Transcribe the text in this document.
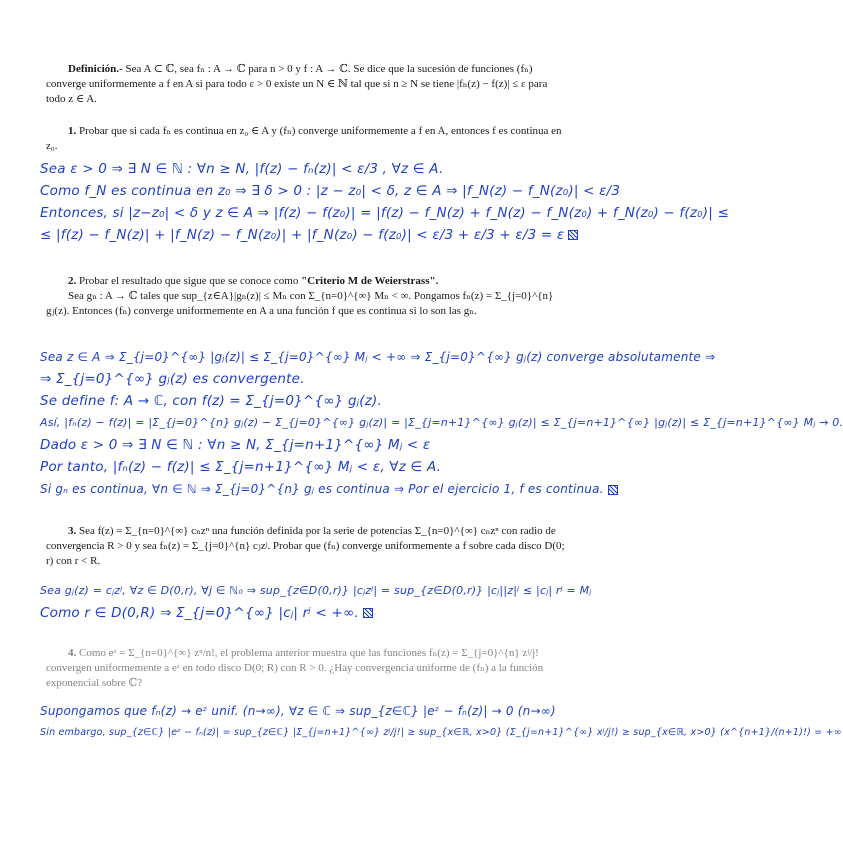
Definición.- Sea A ⊂ ℂ, sea fₙ : A → ℂ para n > 0 y f : A → ℂ. Se dice que la sucesión de funciones (fₙ) converge uniformemente a f en A si para todo ε > 0 existe un N ∈ ℕ tal que si n ≥ N se tiene |fₙ(z) − f(z)| ≤ ε para todo z ∈ A.
1. Probar que si cada fₙ es continua en z₀ ∈ A y (fₙ) converge uniformemente a f en A, entonces f es continua en z₀.
Sea ε > 0 ⇒ ∃ N ∈ ℕ : ∀n ≥ N, |f(z) − fₙ(z)| < ε/3 , ∀z ∈ A.
Como f_N es continua en z₀ ⇒ ∃ δ > 0 : |z − z₀| < δ, z ∈ A ⇒ |f_N(z) − f_N(z₀)| < ε/3
Entonces, si |z−z₀| < δ y z ∈ A ⇒ |f(z) − f(z₀)| = |f(z) − f_N(z) + f_N(z) − f_N(z₀) + f_N(z₀) − f(z₀)| ≤
≤ |f(z) − f_N(z)| + |f_N(z) − f_N(z₀)| + |f_N(z₀) − f(z₀)| < ε/3 + ε/3 + ε/3 = ε
2. Probar el resultado que sigue que se conoce como "Criterio M de Weierstrass".
Sea gₙ : A → ℂ tales que sup_{z∈A}|gₙ(z)| ≤ Mₙ con Σ_{n=0}^{∞} Mₙ < ∞. Pongamos fₙ(z) = Σ_{j=0}^{n} gⱼ(z). Entonces (fₙ) converge uniformemente en A a una función f que es continua si lo son las gₙ.
Sea z ∈ A ⇒ Σ_{j=0}^{∞} |gⱼ(z)| ≤ Σ_{j=0}^{∞} Mⱼ < +∞ ⇒ Σ_{j=0}^{∞} gⱼ(z) converge absolutamente ⇒
⇒ Σ_{j=0}^{∞} gⱼ(z) es convergente.
Se define f: A → ℂ, con f(z) = Σ_{j=0}^{∞} gⱼ(z).
Así, |fₙ(z) − f(z)| = |Σ_{j=0}^{n} gⱼ(z) − Σ_{j=0}^{∞} gⱼ(z)| = |Σ_{j=n+1}^{∞} gⱼ(z)| ≤ Σ_{j=n+1}^{∞} |gⱼ(z)| ≤ Σ_{j=n+1}^{∞} Mⱼ → 0.
Dado ε > 0 ⇒ ∃ N ∈ ℕ : ∀n ≥ N, Σ_{j=n+1}^{∞} Mⱼ < ε
Por tanto, |fₙ(z) − f(z)| ≤ Σ_{j=n+1}^{∞} Mⱼ < ε, ∀z ∈ A.
Si gₙ es continua, ∀n ∈ ℕ ⇒ Σ_{j=0}^{n} gⱼ es continua ⇒ Por el ejercicio 1, f es continua.
3. Sea f(z) = Σ_{n=0}^{∞} cₙzⁿ una función definida por la serie de potencias Σ_{n=0}^{∞} cₙzⁿ con radio de convergencia R > 0 y sea fₙ(z) = Σ_{j=0}^{n} cⱼzʲ. Probar que (fₙ) converge uniformemente a f sobre cada disco D(0; r) con r < R.
Sea gⱼ(z) = cⱼzʲ, ∀z ∈ D(0,r), ∀j ∈ ℕ₀ ⇒ sup_{z∈D(0,r)} |cⱼzʲ| = sup_{z∈D(0,r)} |cⱼ||z|ʲ ≤ |cⱼ| rʲ = Mⱼ
Como r ∈ D(0,R) ⇒ Σ_{j=0}^{∞} |cⱼ| rʲ < +∞.
4. Como eᶻ = Σ_{n=0}^{∞} zⁿ/n!, el problema anterior muestra que las funciones fₙ(z) = Σ_{j=0}^{n} zʲ/j! convergen uniformemente a eᶻ en todo disco D(0; R) con R > 0. ¿Hay convergencia uniforme de (fₙ) a la función exponencial sobre ℂ?
Supongamos que fₙ(z) → eᶻ unif. (n→∞), ∀z ∈ ℂ ⇒ sup_{z∈ℂ} |eᶻ − fₙ(z)| → 0 (n→∞)
Sin embargo, sup_{z∈ℂ} |eᶻ − fₙ(z)| = sup_{z∈ℂ} |Σ_{j=n+1}^{∞} zʲ/j!| ≥ sup_{x∈ℝ, x>0} (Σ_{j=n+1}^{∞} xʲ/j!) ≥ sup_{x∈ℝ, x>0} (x^{n+1}/(n+1)!) = +∞
